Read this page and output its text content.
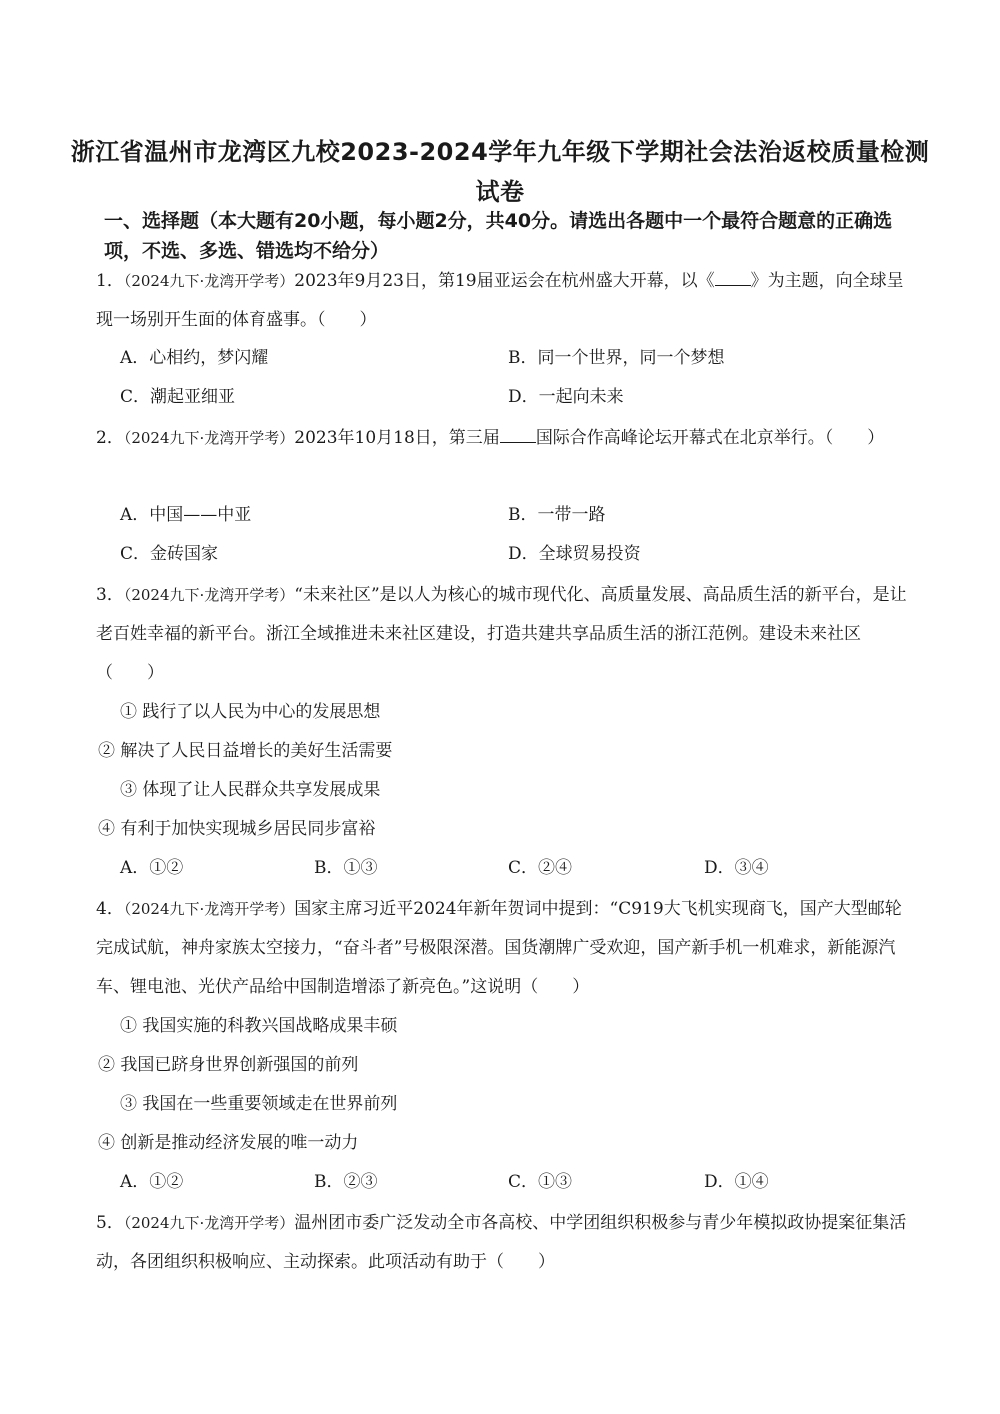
浙江省温州市龙湾区九校2023-2024学年九年级下学期社会法治返校质量检测试卷
一、选择题（本大题有20小题，每小题2分，共40分。请选出各题中一个最符合题意的正确选项，不选、多选、错选均不给分）
1．（2024九下·龙湾开学考）2023年9月23日，第19届亚运会在杭州盛大开幕，以《 》为主题，向全球呈现一场别开生面的体育盛事。（　　）
A．心相约，梦闪耀	B．同一个世界，同一个梦想
C．潮起亚细亚	D．一起向未来
2．（2024九下·龙湾开学考）2023年10月18日，第三届 国际合作高峰论坛开幕式在北京举行。（　　）
A．中国——中亚	B．一带一路
C．金砖国家	D．全球贸易投资
3．（2024九下·龙湾开学考）“未来社区”是以人为核心的城市现代化、高质量发展、高品质生活的新平台，是让老百姓幸福的新平台。浙江全域推进未来社区建设，打造共建共享品质生活的浙江范例。建设未来社区（　　）
① 践行了以人民为中心的发展思想
② 解决了人民日益增长的美好生活需要
③ 体现了让人民群众共享发展成果
④ 有利于加快实现城乡居民同步富裕
A．①②	B．①③	C．②④	D．③④
4．（2024九下·龙湾开学考）国家主席习近平2024年新年贺词中提到：“C919大飞机实现商飞，国产大型邮轮完成试航，神舟家族太空接力，“奋斗者”号极限深潜。国货潮牌广受欢迎，国产新手机一机难求，新能源汽车、锂电池、光伏产品给中国制造增添了新亮色。”这说明（　　）
① 我国实施的科教兴国战略成果丰硕
② 我国已跻身世界创新强国的前列
③ 我国在一些重要领域走在世界前列
④ 创新是推动经济发展的唯一动力
A．①②	B．②③	C．①③	D．①④
5．（2024九下·龙湾开学考）温州团市委广泛发动全市各高校、中学团组织积极参与青少年模拟政协提案征集活动，各团组织积极响应、主动探索。此项活动有助于（　　）
